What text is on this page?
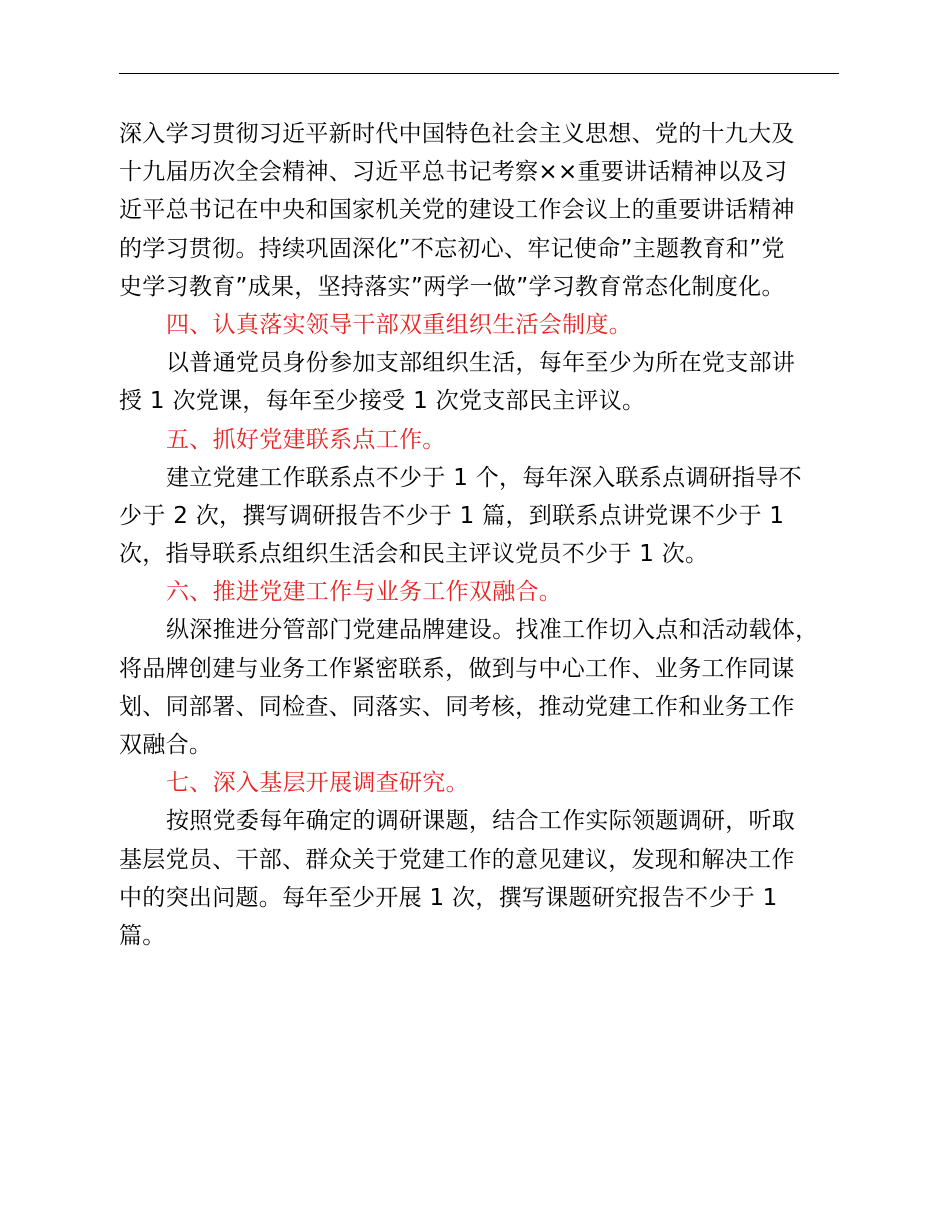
深入学习贯彻习近平新时代中国特色社会主义思想、党的十九大及
十九届历次全会精神、习近平总书记考察××重要讲话精神以及习
近平总书记在中央和国家机关党的建设工作会议上的重要讲话精神
的学习贯彻。持续巩固深化”不忘初心、牢记使命”主题教育和”党
史学习教育”成果，坚持落实”两学一做”学习教育常态化制度化。
四、认真落实领导干部双重组织生活会制度。
以普通党员身份参加支部组织生活，每年至少为所在党支部讲
授 1 次党课，每年至少接受 1 次党支部民主评议。
五、抓好党建联系点工作。
建立党建工作联系点不少于 1 个，每年深入联系点调研指导不
少于 2 次，撰写调研报告不少于 1 篇，到联系点讲党课不少于 1
次，指导联系点组织生活会和民主评议党员不少于 1 次。
六、推进党建工作与业务工作双融合。
纵深推进分管部门党建品牌建设。找准工作切入点和活动载体，
将品牌创建与业务工作紧密联系，做到与中心工作、业务工作同谋
划、同部署、同检查、同落实、同考核，推动党建工作和业务工作
双融合。
七、深入基层开展调查研究。
按照党委每年确定的调研课题，结合工作实际领题调研，听取
基层党员、干部、群众关于党建工作的意见建议，发现和解决工作
中的突出问题。每年至少开展 1 次，撰写课题研究报告不少于 1
篇。
